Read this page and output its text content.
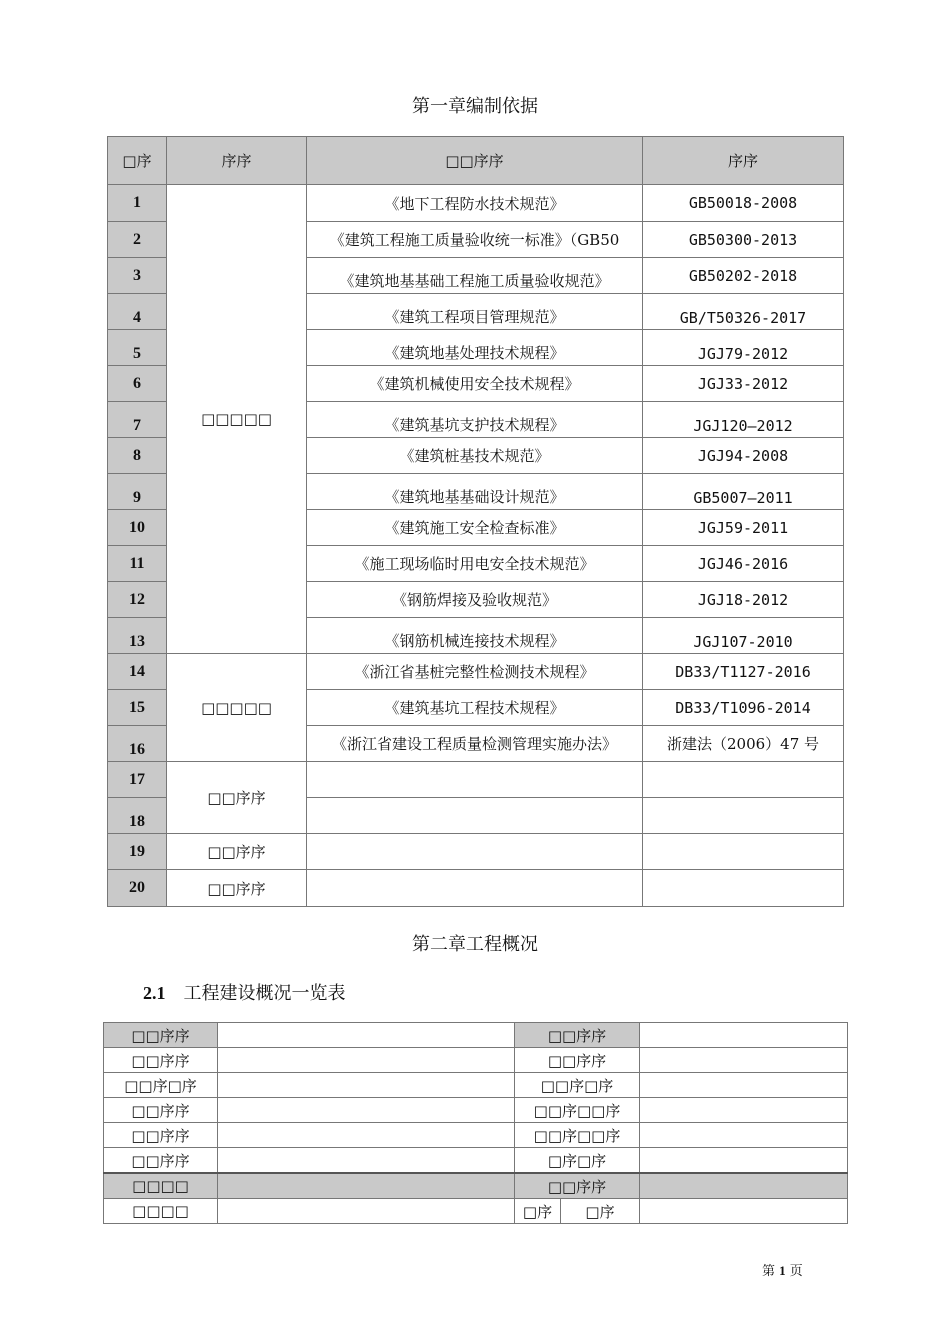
第一章编制依据
□序	序序	□□序序	序序
1	□□□□□	《地下工程防水技术规范》	GB50018-2008
2		《建筑工程施工质量验收统一标准》（GB50	GB50300-2013
3		《建筑地基基础工程施工质量验收规范》	GB50202-2018
4		《建筑工程项目管理规范》	GB/T50326-2017
5		《建筑地基处理技术规程》	JGJ79-2012
6		《建筑机械使用安全技术规程》	JGJ33-2012
7		《建筑基坑支护技术规程》	JGJ120—2012
8		《建筑桩基技术规范》	JGJ94-2008
9		《建筑地基基础设计规范》	GB5007—2011
10		《建筑施工安全检查标准》	JGJ59-2011
11		《施工现场临时用电安全技术规范》	JGJ46-2016
12		《钢筋焊接及验收规范》	JGJ18-2012
13		《钢筋机械连接技术规程》	JGJ107-2010
14	□□□□□	《浙江省基桩完整性检测技术规程》	DB33/T1127-2016
15		《建筑基坑工程技术规程》	DB33/T1096-2014
16		《浙江省建设工程质量检测管理实施办法》	浙建法（2006）47 号
17	□□序序		
18			
19	□□序序		
20	□□序序		
第二章工程概况
2.1 工程建设概况一览表
□□序序		□□序序		
□□序序		□□序序		
□□序□序		□□序□序		
□□序序		□□序□□序		
□□序序		□□序□□序		
□□序序		□序□序		
□□□□		□□序序		
□□□□		□序	□序	
第 1 页
